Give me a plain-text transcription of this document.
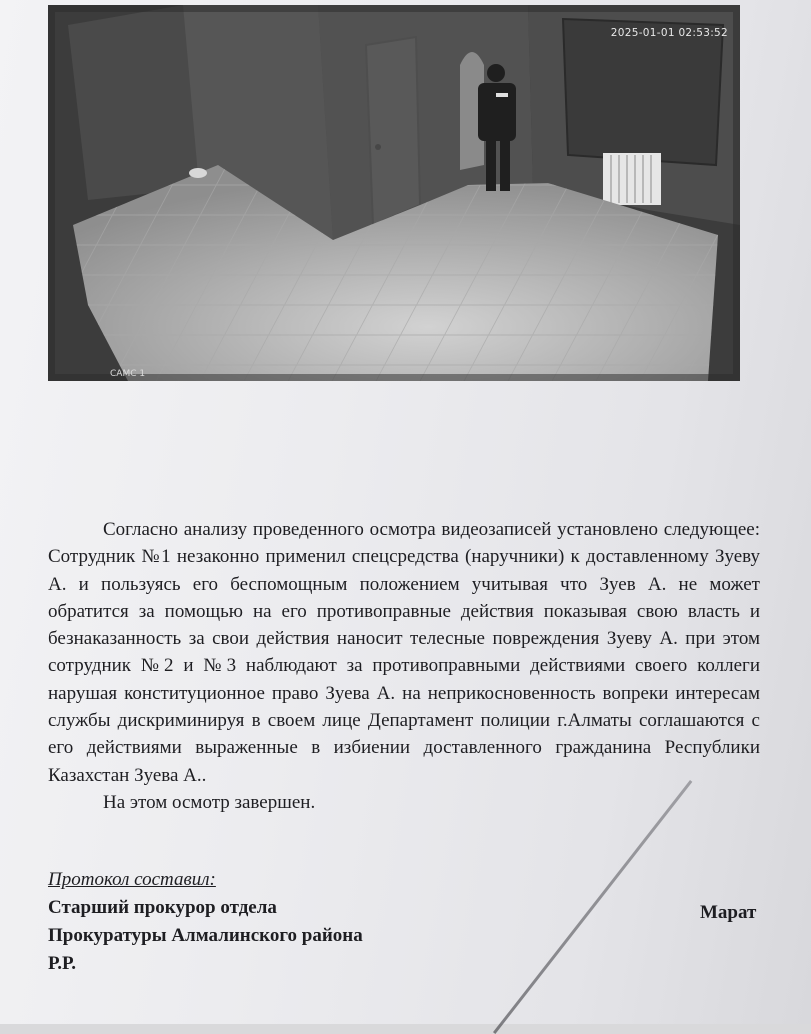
2025-01-01 02:53:52
CAMC 1

Согласно анализу проведенного осмотра видеозаписей установлено следующее: Сотрудник №1 незаконно применил спецсредства (наручники) к доставленному Зуеву А. и пользуясь его беспомощным положением учитывая что Зуев А. не может обратится за помощью на его противоправные действия показывая свою власть и безнаказанность за свои действия наносит телесные повреждения Зуеву А. при этом сотрудник №2 и №3 наблюдают за противоправными действиями своего коллеги нарушая конституционное право Зуева А. на неприкосновенность вопреки интересам службы дискриминируя в своем лице Департамент полиции г.Алматы соглашаются с его действиями выраженные в избиении доставленного гражданина Республики Казахстан Зуева А..

На этом осмотр завершен.

Протокол составил:
Старший прокурор отдела
Прокуратуры Алмалинского района
Р.Р.
Марат
